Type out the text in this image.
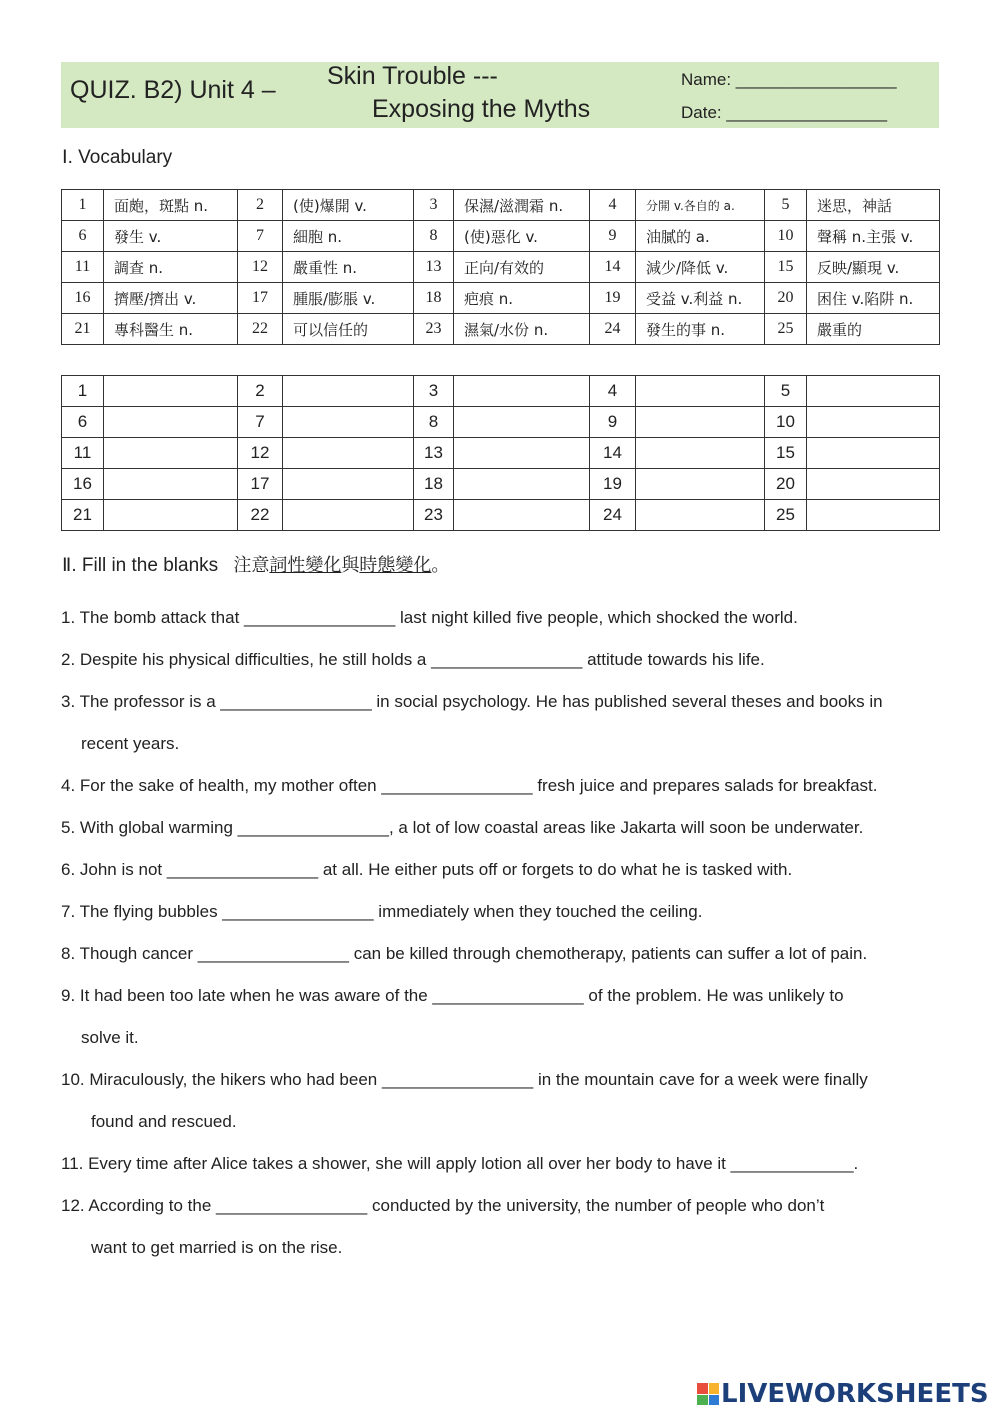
QUIZ. B2) Unit 4 – Skin Trouble ---
Exposing the Myths
Name: _________________
Date: _________________
Ⅰ. Vocabulary
1	面皰，斑點 n.	2	(使)爆開 v.	3	保濕/滋潤霜 n.	4	分開 v.各自的 a.	5	迷思，神話
6	發生 v.	7	細胞 n.	8	(使)惡化 v.	9	油膩的 a.	10	聲稱 n.主張 v.
11	調查 n.	12	嚴重性 n.	13	正向/有效的	14	減少/降低 v.	15	反映/顯現 v.
16	擠壓/擠出 v.	17	腫脹/膨脹 v.	18	疤痕 n.	19	受益 v.利益 n.	20	困住 v.陷阱 n.
21	專科醫生 n.	22	可以信任的	23	濕氣/水份 n.	24	發生的事 n.	25	嚴重的
1		2		3		4		5	
6		7		8		9		10	
11		12		13		14		15	
16		17		18		19		20	
21		22		23		24		25	
Ⅱ. Fill in the blanks 注意詞性變化與時態變化。
1. The bomb attack that ________________ last night killed five people, which shocked the world.
2. Despite his physical difficulties, he still holds a ________________ attitude towards his life.
3. The professor is a ________________ in social psychology. He has published several theses and books in
recent years.
4. For the sake of health, my mother often ________________ fresh juice and prepares salads for breakfast.
5. With global warming ________________, a lot of low coastal areas like Jakarta will soon be underwater.
6. John is not ________________ at all. He either puts off or forgets to do what he is tasked with.
7. The flying bubbles ________________ immediately when they touched the ceiling.
8. Though cancer ________________ can be killed through chemotherapy, patients can suffer a lot of pain.
9. It had been too late when he was aware of the ________________ of the problem. He was unlikely to
solve it.
10. Miraculously, the hikers who had been ________________ in the mountain cave for a week were finally
found and rescued.
11. Every time after Alice takes a shower, she will apply lotion all over her body to have it _____________.
12. According to the ________________ conducted by the university, the number of people who don’t
want to get married is on the rise.
LIVEWORKSHEETS
